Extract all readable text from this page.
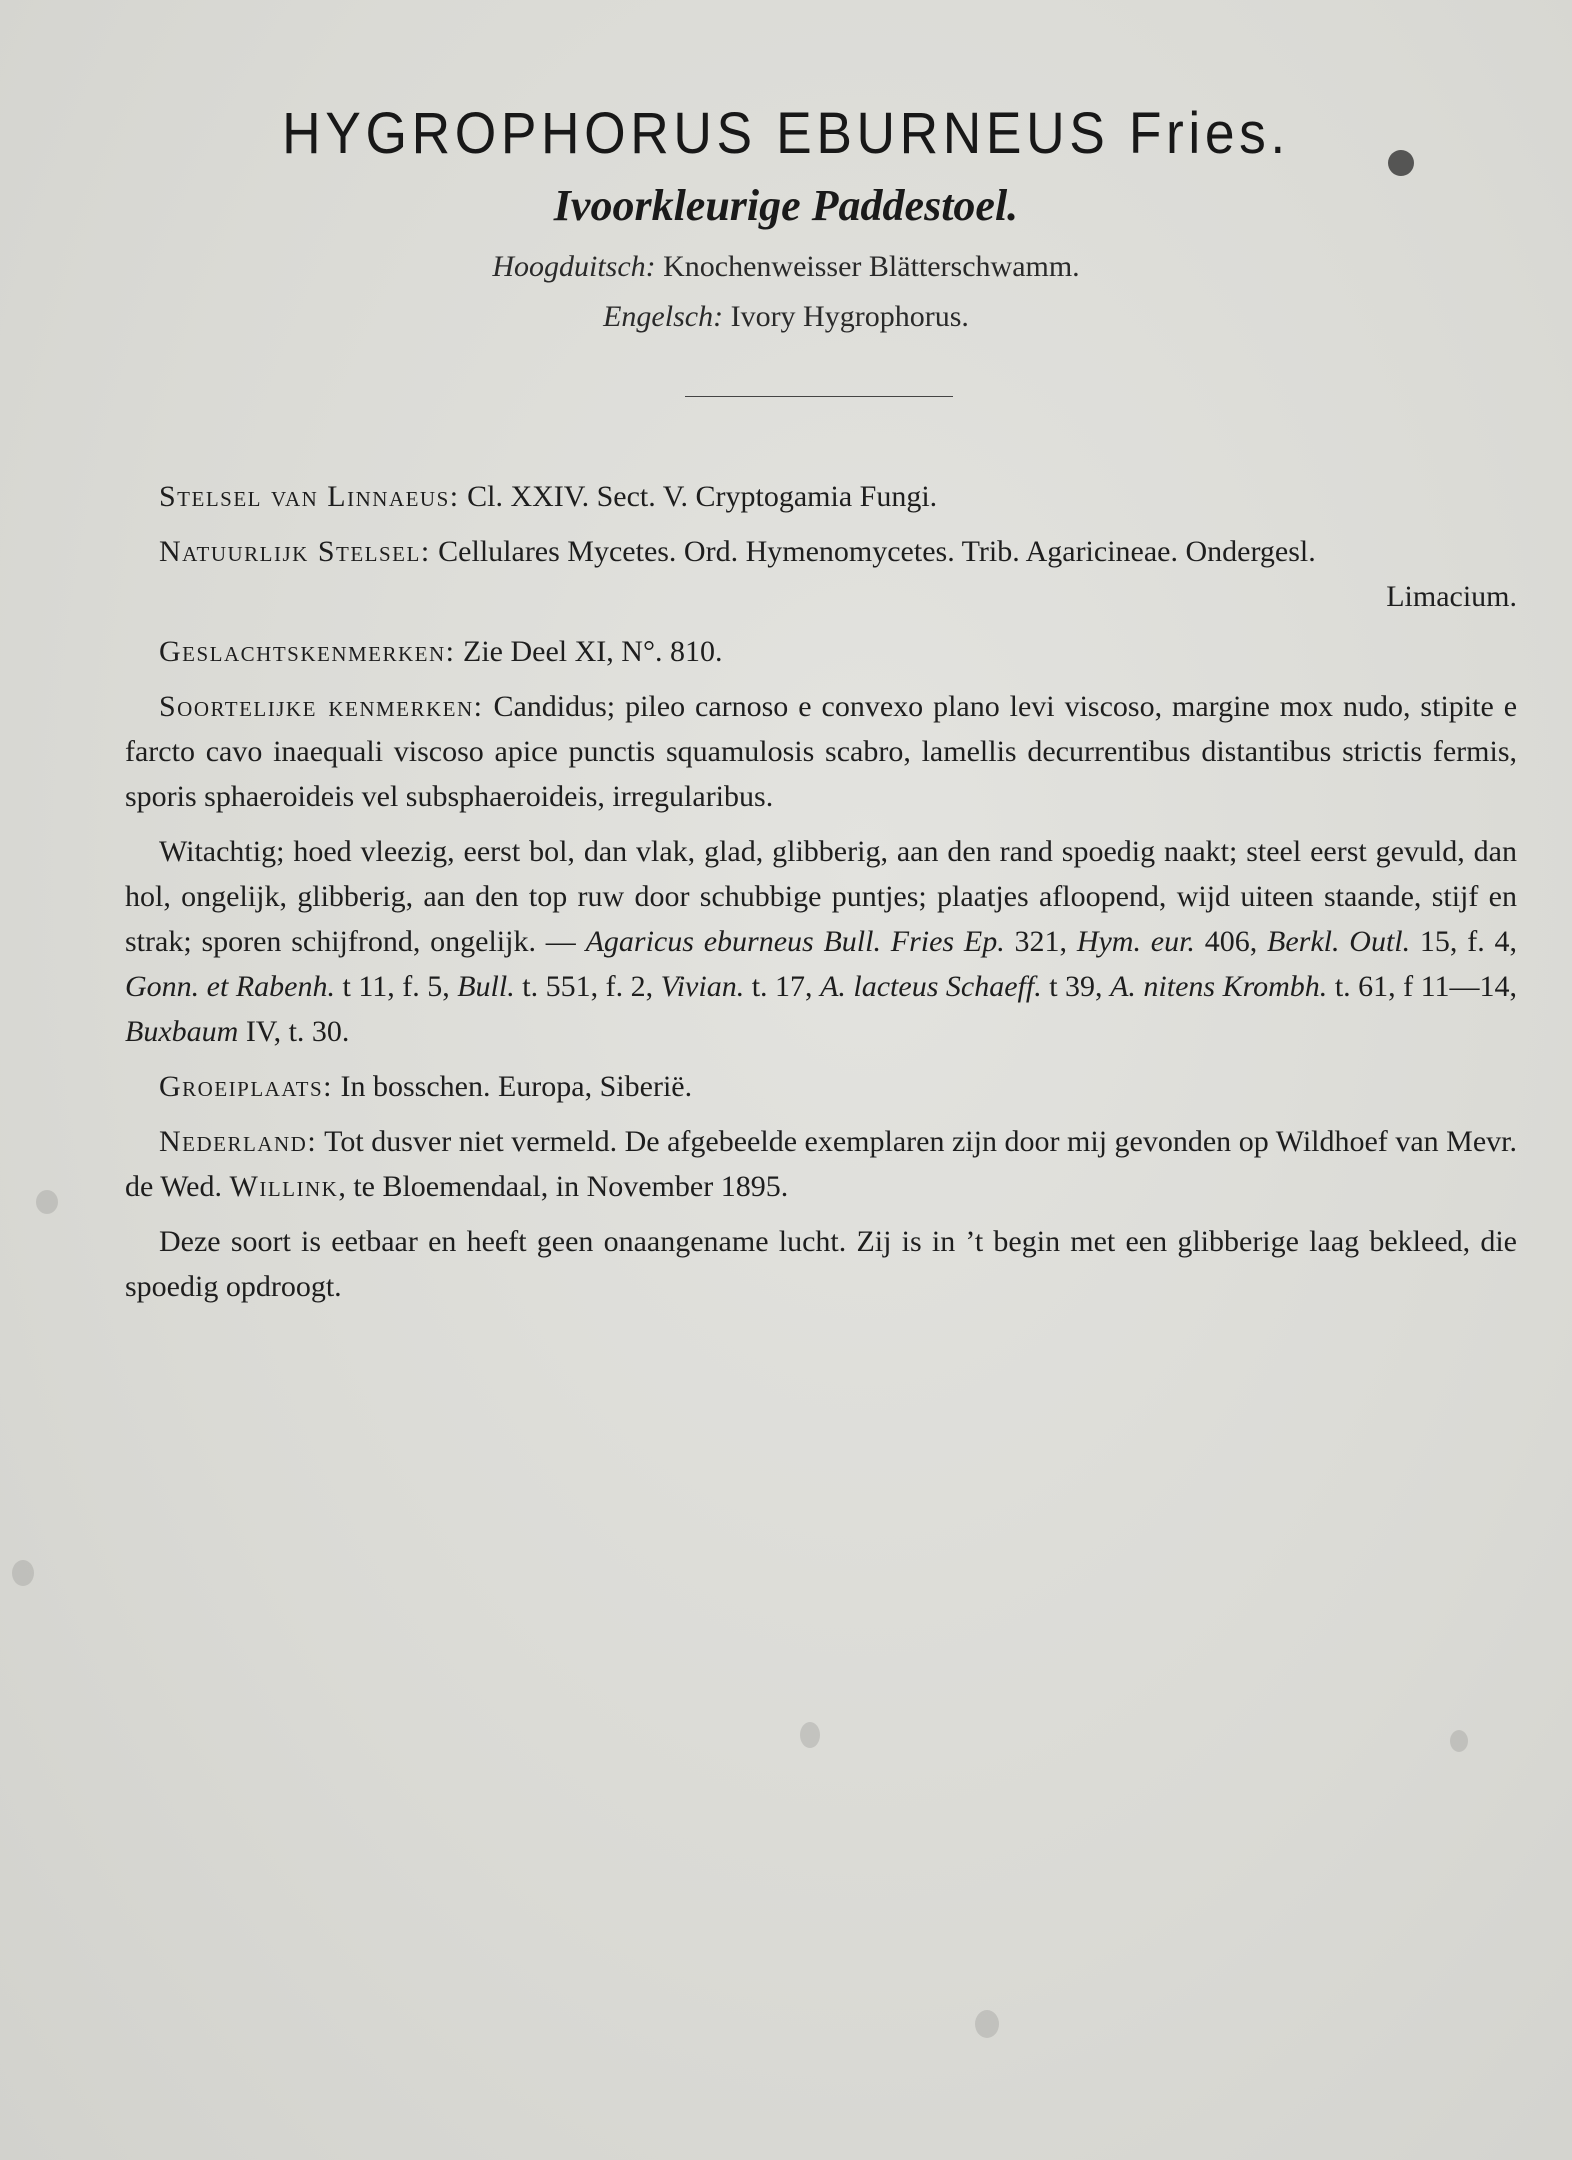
HYGROPHORUS EBURNEUS Fries.
Ivoorkleurige Paddestoel.
Hoogduitsch: Knochenweisser Blätterschwamm.
Engelsch: Ivory Hygrophorus.

Stelsel van Linnaeus: Cl. XXIV. Sect. V. Cryptogamia Fungi.

Natuurlijk Stelsel: Cellulares Mycetes. Ord. Hymenomycetes. Trib. Agaricineae. Ondergesl.
Limacium.

Geslachtskenmerken: Zie Deel XI, N°. 810.

Soortelijke kenmerken: Candidus; pileo carnoso e convexo plano levi viscoso, margine mox nudo, stipite e farcto cavo inaequali viscoso apice punctis squamulosis scabro, lamellis decurrentibus distantibus strictis fermis, sporis sphaeroideis vel subsphaeroideis, irregularibus.

Witachtig; hoed vleezig, eerst bol, dan vlak, glad, glibberig, aan den rand spoedig naakt; steel eerst gevuld, dan hol, ongelijk, glibberig, aan den top ruw door schubbige puntjes; plaatjes afloopend, wijd uiteen staande, stijf en strak; sporen schijfrond, ongelijk. — Agaricus eburneus Bull. Fries Ep. 321, Hym. eur. 406, Berkl. Outl. 15, f. 4, Gonn. et Rabenh. t 11, f. 5, Bull. t. 551, f. 2, Vivian. t. 17, A. lacteus Schaeff. t 39, A. nitens Krombh. t. 61, f 11—14, Buxbaum IV, t. 30.

Groeiplaats: In bosschen. Europa, Siberië.

Nederland: Tot dusver niet vermeld. De afgebeelde exemplaren zijn door mij gevonden op Wildhoef van Mevr. de Wed. Willink, te Bloemendaal, in November 1895.

Deze soort is eetbaar en heeft geen onaangename lucht. Zij is in ’t begin met een glibberige laag bekleed, die spoedig opdroogt.
